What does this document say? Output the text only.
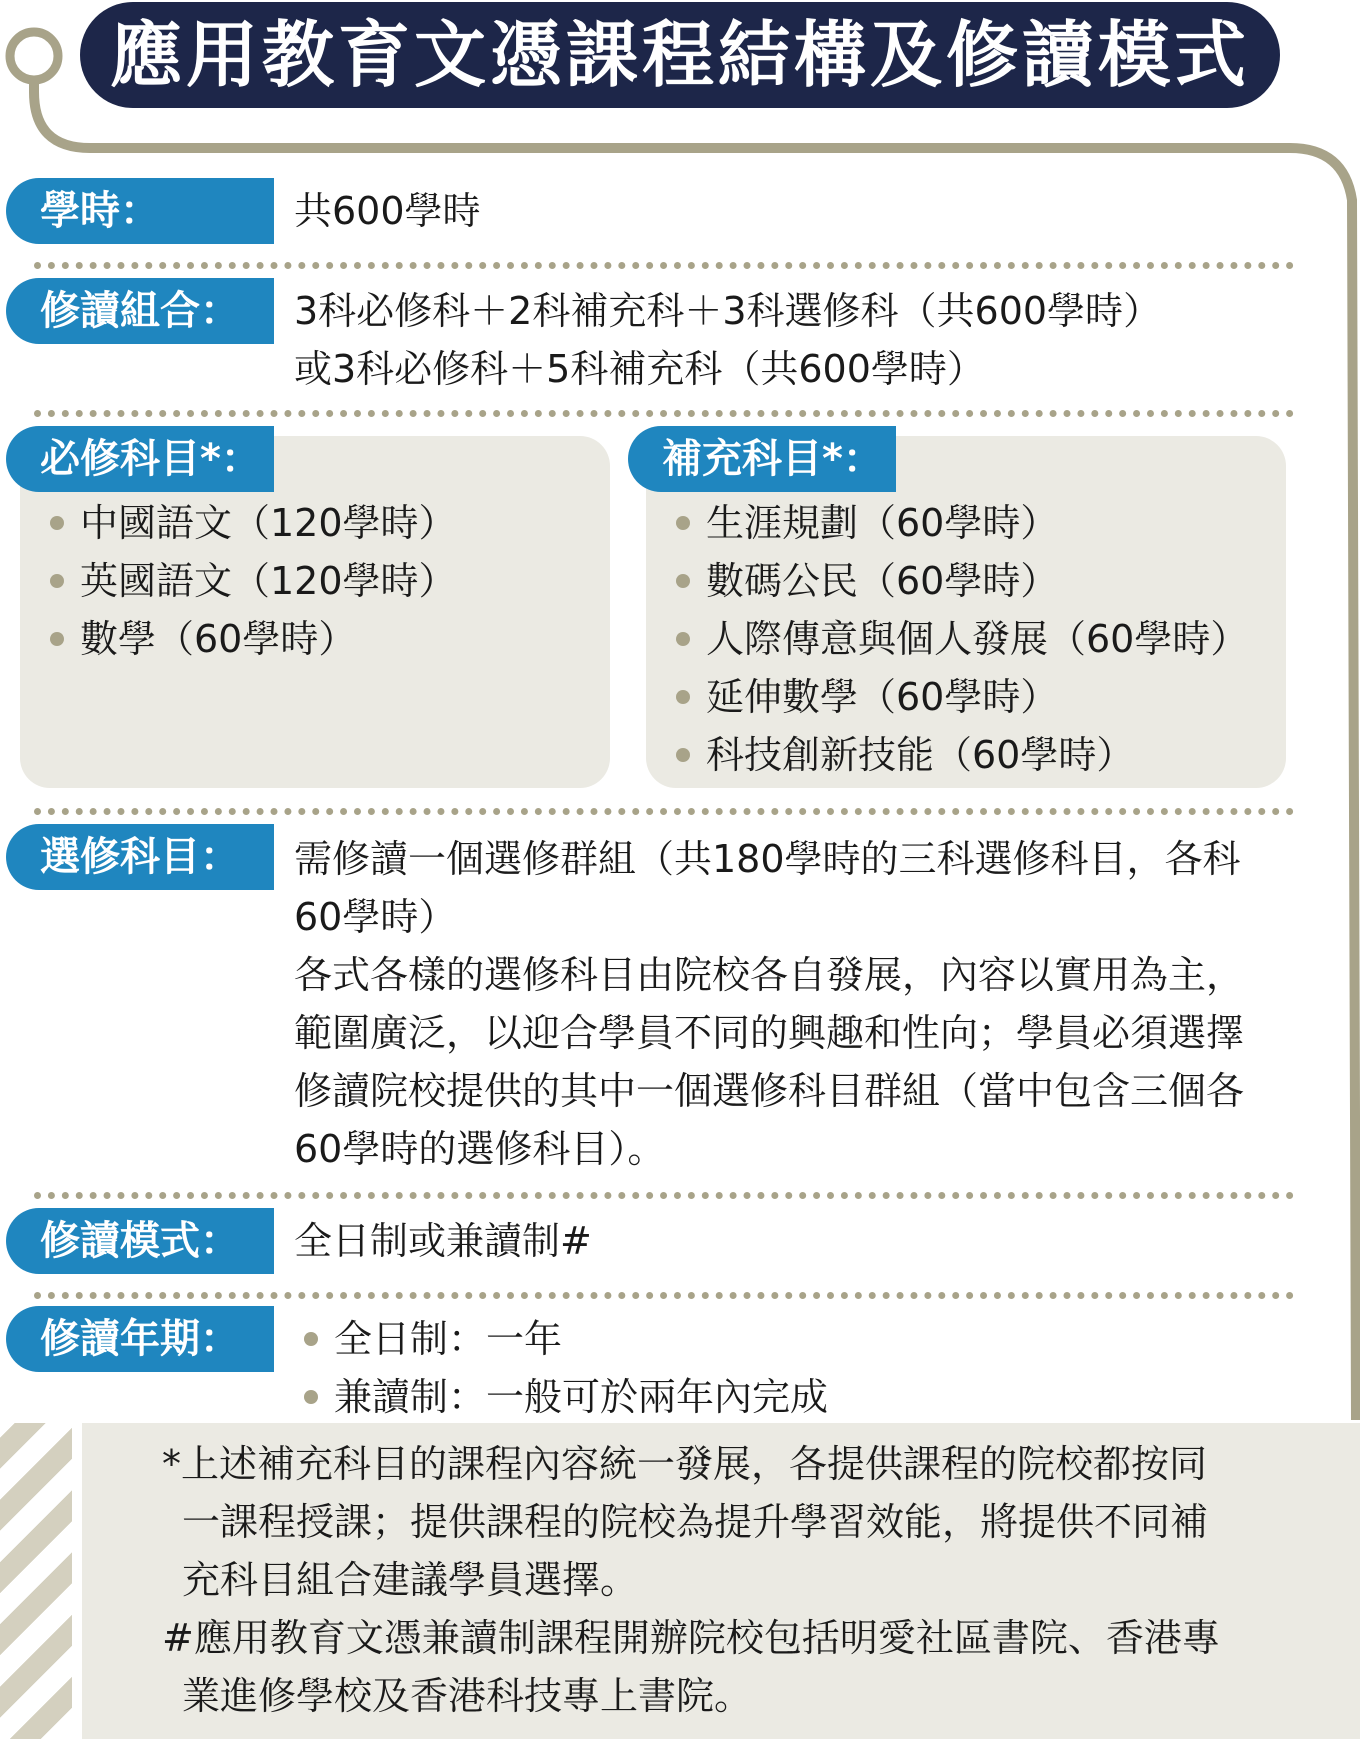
應用教育文憑課程結構及修讀模式
學時：	共600學時
修讀組合：	3科必修科＋2科補充科＋3科選修科（共600學時）
或3科必修科＋5科補充科（共600學時）
必修科目*：	補充科目*：
中國語文（120學時）
英國語文（120學時）
數學（60學時）
生涯規劃（60學時）
數碼公民（60學時）
人際傳意與個人發展（60學時）
延伸數學（60學時）
科技創新技能（60學時）
選修科目：	需修讀一個選修群組（共180學時的三科選修科目，各科
60學時）
各式各樣的選修科目由院校各自發展，內容以實用為主，
範圍廣泛，以迎合學員不同的興趣和性向；學員必須選擇
修讀院校提供的其中一個選修科目群組（當中包含三個各
60學時的選修科目）。
修讀模式：	全日制或兼讀制#
修讀年期：	全日制：一年
兼讀制：一般可於兩年內完成

*上述補充科目的課程內容統一發展，各提供課程的院校都按同

一課程授課；提供課程的院校為提升學習效能，將提供不同補

充科目組合建議學員選擇。

#應用教育文憑兼讀制課程開辦院校包括明愛社區書院、香港專

業進修學校及香港科技專上書院。
